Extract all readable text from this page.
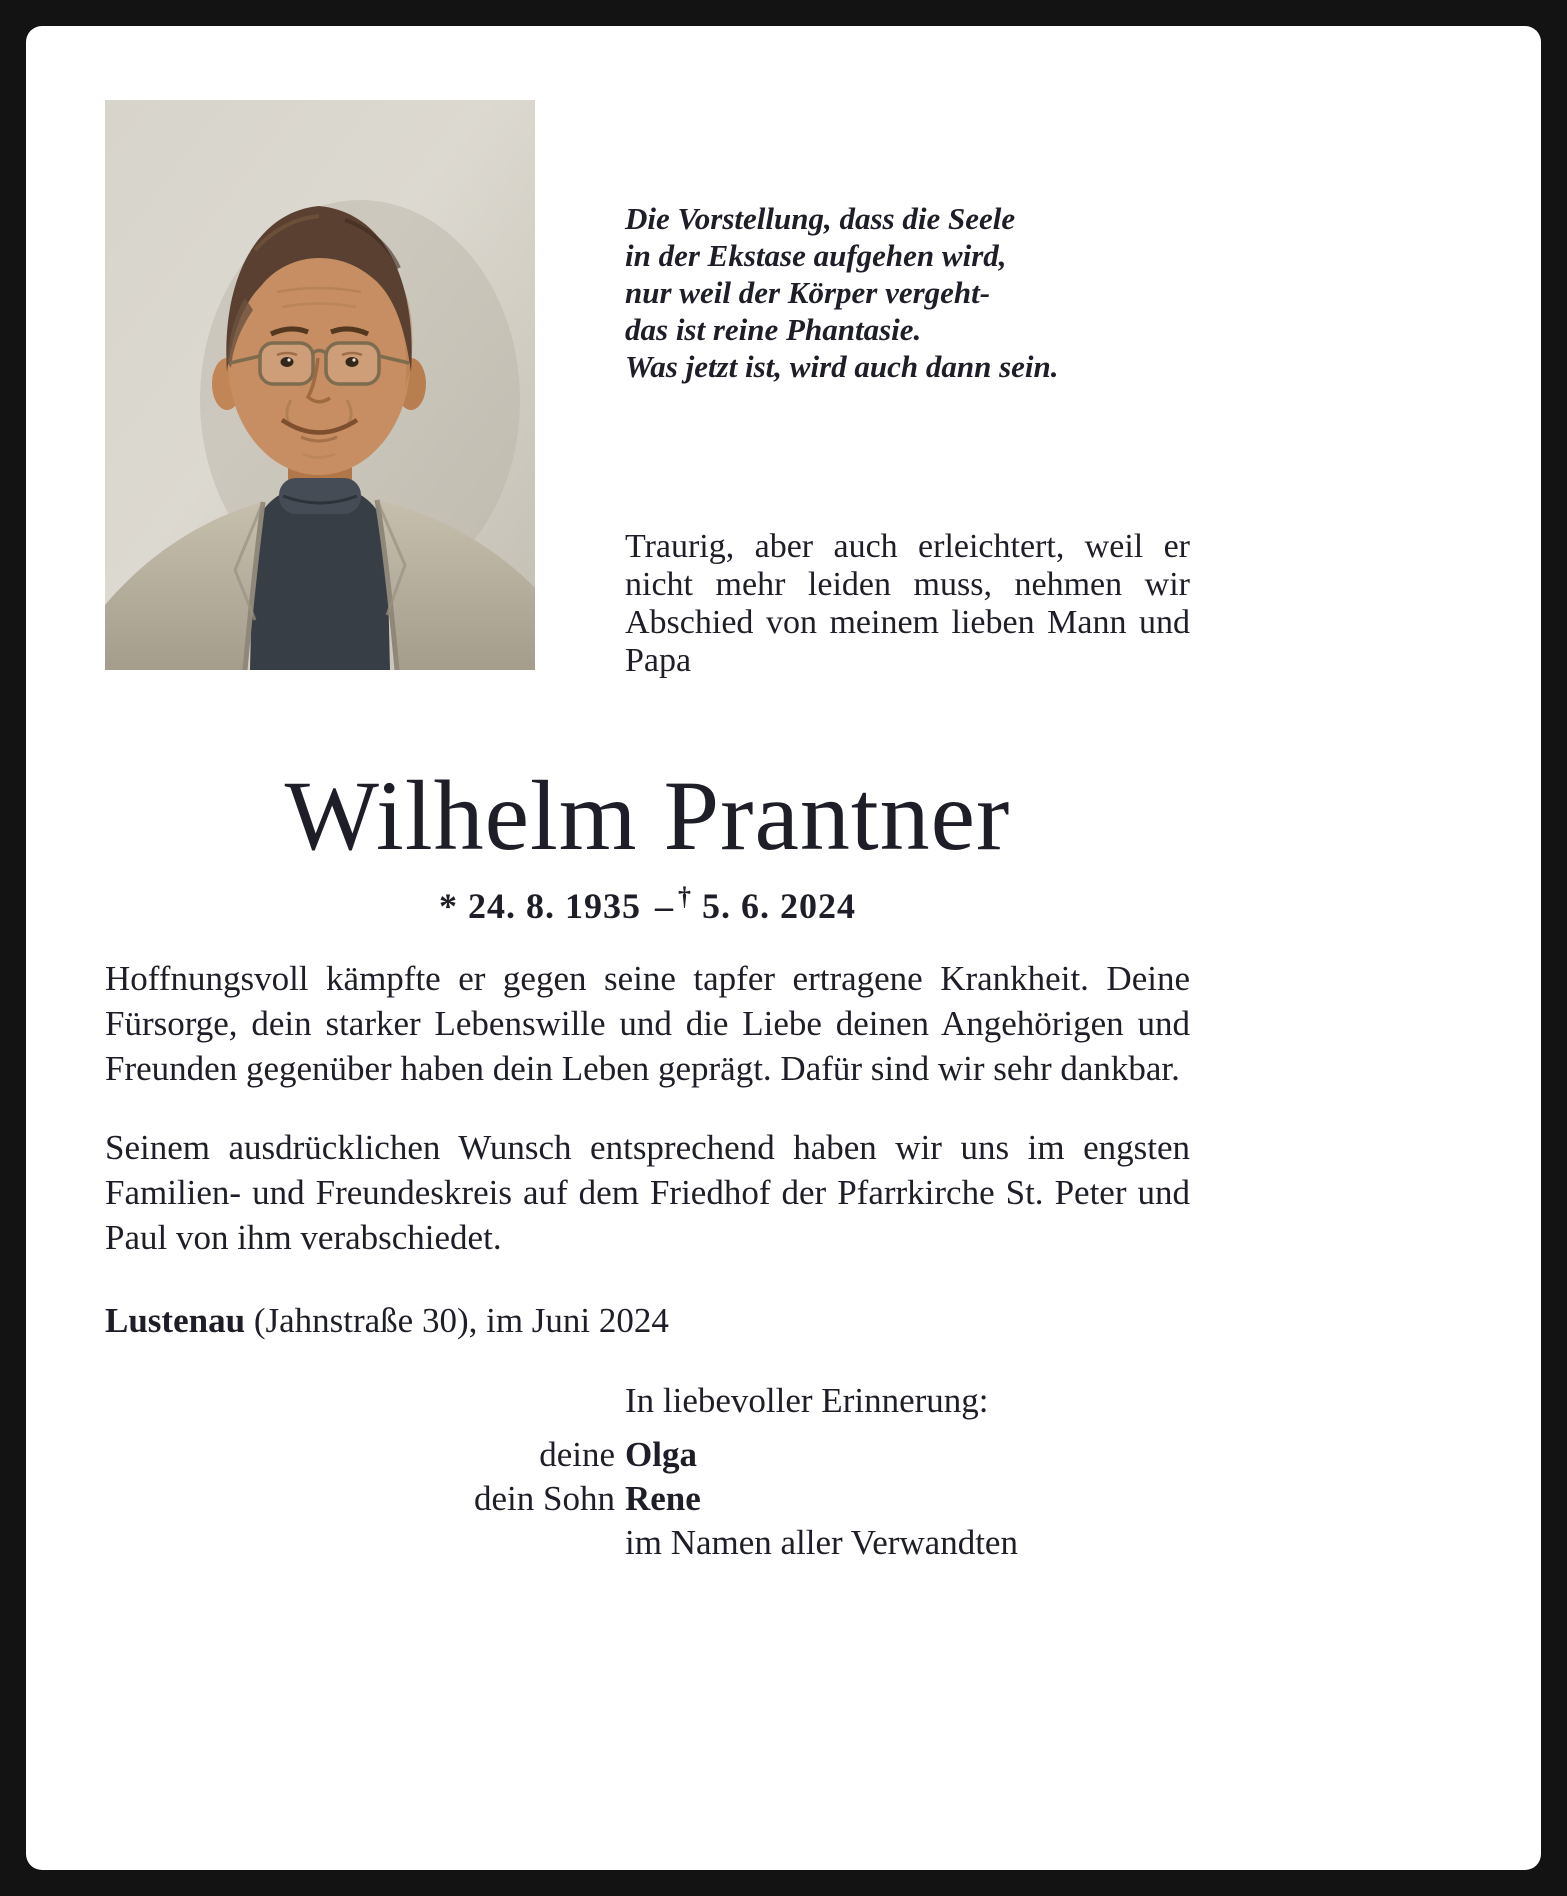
Die Vorstellung, dass die Seele
in der Ekstase aufgehen wird,
nur weil der Körper vergeht-
das ist reine Phantasie.
Was jetzt ist, wird auch dann sein.

Traurig, aber auch erleichtert, weil er nicht mehr leiden muss, nehmen wir Abschied von meinem lieben Mann und Papa

Wilhelm Prantner
* 24. 8. 1935 – † 5. 6. 2024

Hoffnungsvoll kämpfte er gegen seine tapfer ertragene Krankheit. Deine Fürsorge, dein starker Lebenswille und die Liebe deinen Angehörigen und Freunden gegenüber haben dein Leben geprägt. Dafür sind wir sehr dankbar.

Seinem ausdrücklichen Wunsch entsprechend haben wir uns im engsten Familien- und Freundeskreis auf dem Friedhof der Pfarrkirche St. Peter und Paul von ihm verabschiedet.

Lustenau (Jahnstraße 30), im Juni 2024

In liebevoller Erinnerung:
deine Olga
dein Sohn Rene
im Namen aller Verwandten
